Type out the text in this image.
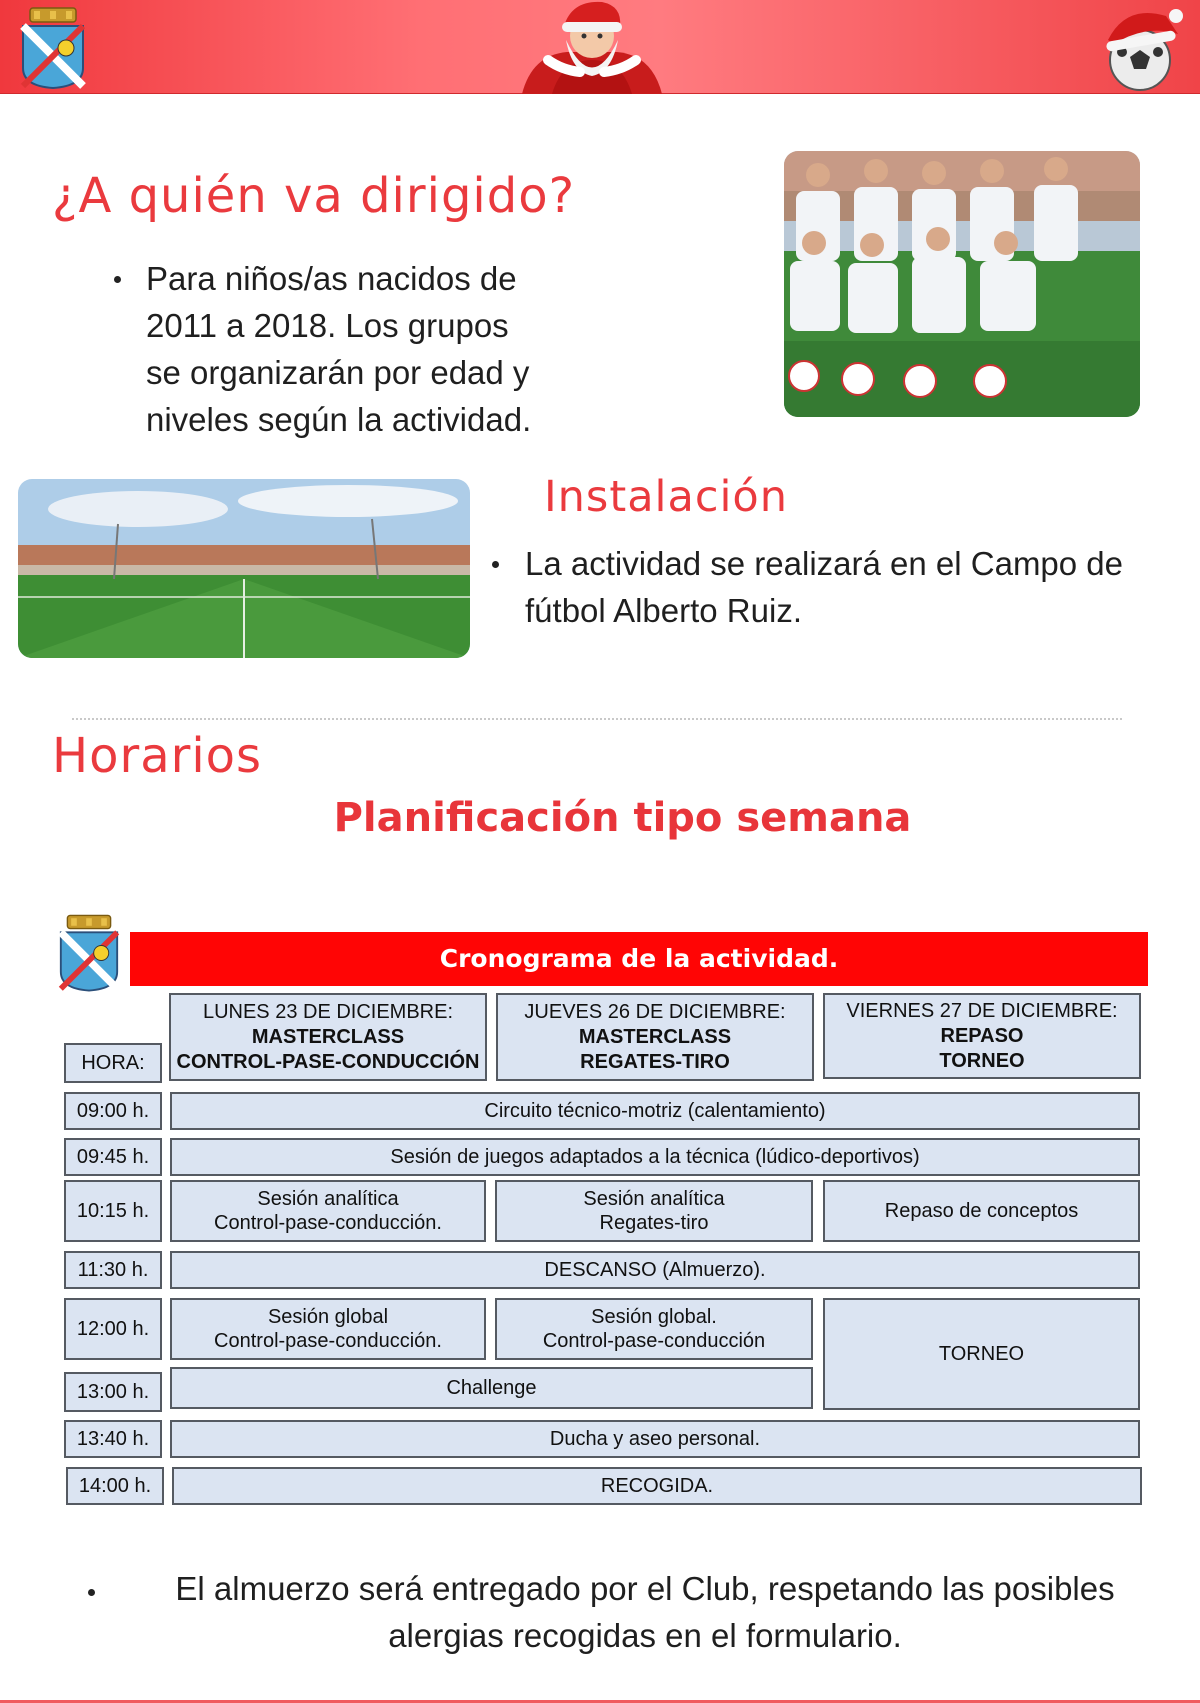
¿A quién va dirigido?
Para niños/as nacidos de
2011 a 2018. Los grupos
se organizarán por edad y
niveles según la actividad.
Instalación
La actividad se realizará en el Campo de
fútbol Alberto Ruiz.
Horarios
Planificación tipo semana
Cronograma de la actividad.
HORA:
LUNES 23 DE DICIEMBRE:
MASTERCLASS
CONTROL-PASE-CONDUCCIÓN
JUEVES 26 DE DICIEMBRE:
MASTERCLASS
REGATES-TIRO
VIERNES 27 DE DICIEMBRE:
REPASO
TORNEO
09:00 h.
09:45 h.
10:15 h.
11:30 h.
12:00 h.
13:00 h.
13:40 h.
14:00 h.
Circuito técnico-motriz (calentamiento)
Sesión de juegos adaptados a la técnica (lúdico-deportivos)
Sesión analítica
Control-pase-conducción.
Sesión analítica
Regates-tiro
Repaso de conceptos
DESCANSO (Almuerzo).
Sesión global
Control-pase-conducción.
Sesión global.
Control-pase-conducción
TORNEO
Challenge
Ducha y aseo personal.
RECOGIDA.
El almuerzo será entregado por el Club, respetando las posibles alergias recogidas en el formulario.
